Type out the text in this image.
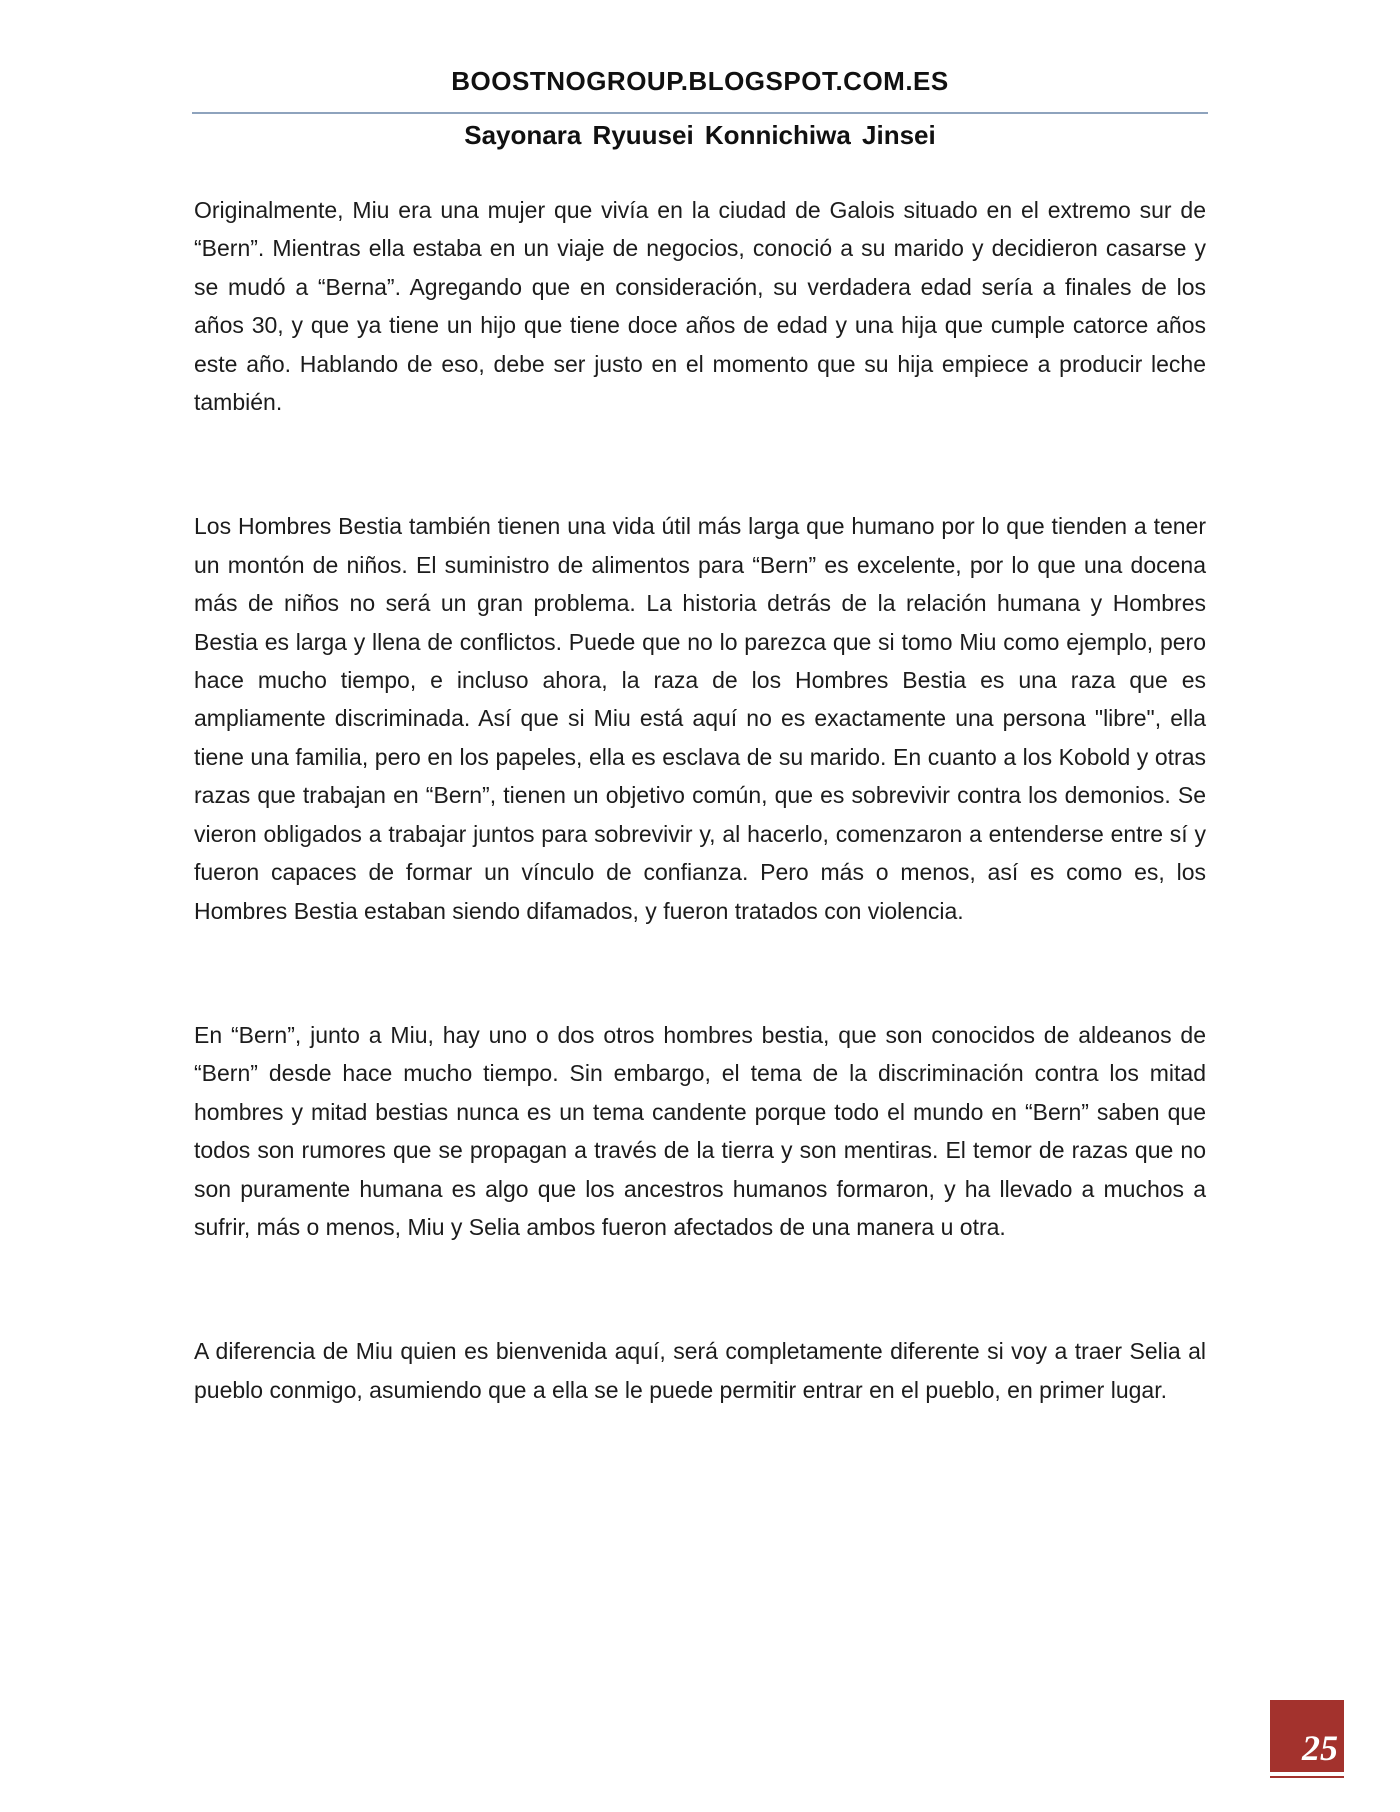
BOOSTNOGROUP.BLOGSPOT.COM.ES
Sayonara Ryuusei Konnichiwa Jinsei

Originalmente, Miu era una mujer que vivía en la ciudad de Galois situado en el extremo sur de “Bern”. Mientras ella estaba en un viaje de negocios, conoció a su marido y decidieron casarse y se mudó a “Berna”. Agregando que en consideración, su verdadera edad sería a finales de los años 30, y que ya tiene un hijo que tiene doce años de edad y una hija que cumple catorce años este año. Hablando de eso, debe ser justo en el momento que su hija empiece a producir leche también.

Los Hombres Bestia también tienen una vida útil más larga que humano por lo que tienden a tener un montón de niños. El suministro de alimentos para “Bern” es excelente, por lo que una docena más de niños no será un gran problema. La historia detrás de la relación humana y Hombres Bestia es larga y llena de conflictos. Puede que no lo parezca que si tomo Miu como ejemplo, pero hace mucho tiempo, e incluso ahora, la raza de los Hombres Bestia es una raza que es ampliamente discriminada. Así que si Miu está aquí no es exactamente una persona "libre", ella tiene una familia, pero en los papeles, ella es esclava de su marido. En cuanto a los Kobold y otras razas que trabajan en “Bern”, tienen un objetivo común, que es sobrevivir contra los demonios. Se vieron obligados a trabajar juntos para sobrevivir y, al hacerlo, comenzaron a entenderse entre sí y fueron capaces de formar un vínculo de confianza. Pero más o menos, así es como es, los Hombres Bestia estaban siendo difamados, y fueron tratados con violencia.

En “Bern”, junto a Miu, hay uno o dos otros hombres bestia, que son conocidos de aldeanos de “Bern” desde hace mucho tiempo. Sin embargo, el tema de la discriminación contra los mitad hombres y mitad bestias nunca es un tema candente porque todo el mundo en “Bern” saben que todos son rumores que se propagan a través de la tierra y son mentiras. El temor de razas que no son puramente humana es algo que los ancestros humanos formaron, y ha llevado a muchos a sufrir, más o menos, Miu y Selia ambos fueron afectados de una manera u otra.

A diferencia de Miu quien es bienvenida aquí, será completamente diferente si voy a traer Selia al pueblo conmigo, asumiendo que a ella se le puede permitir entrar en el pueblo, en primer lugar.

25
